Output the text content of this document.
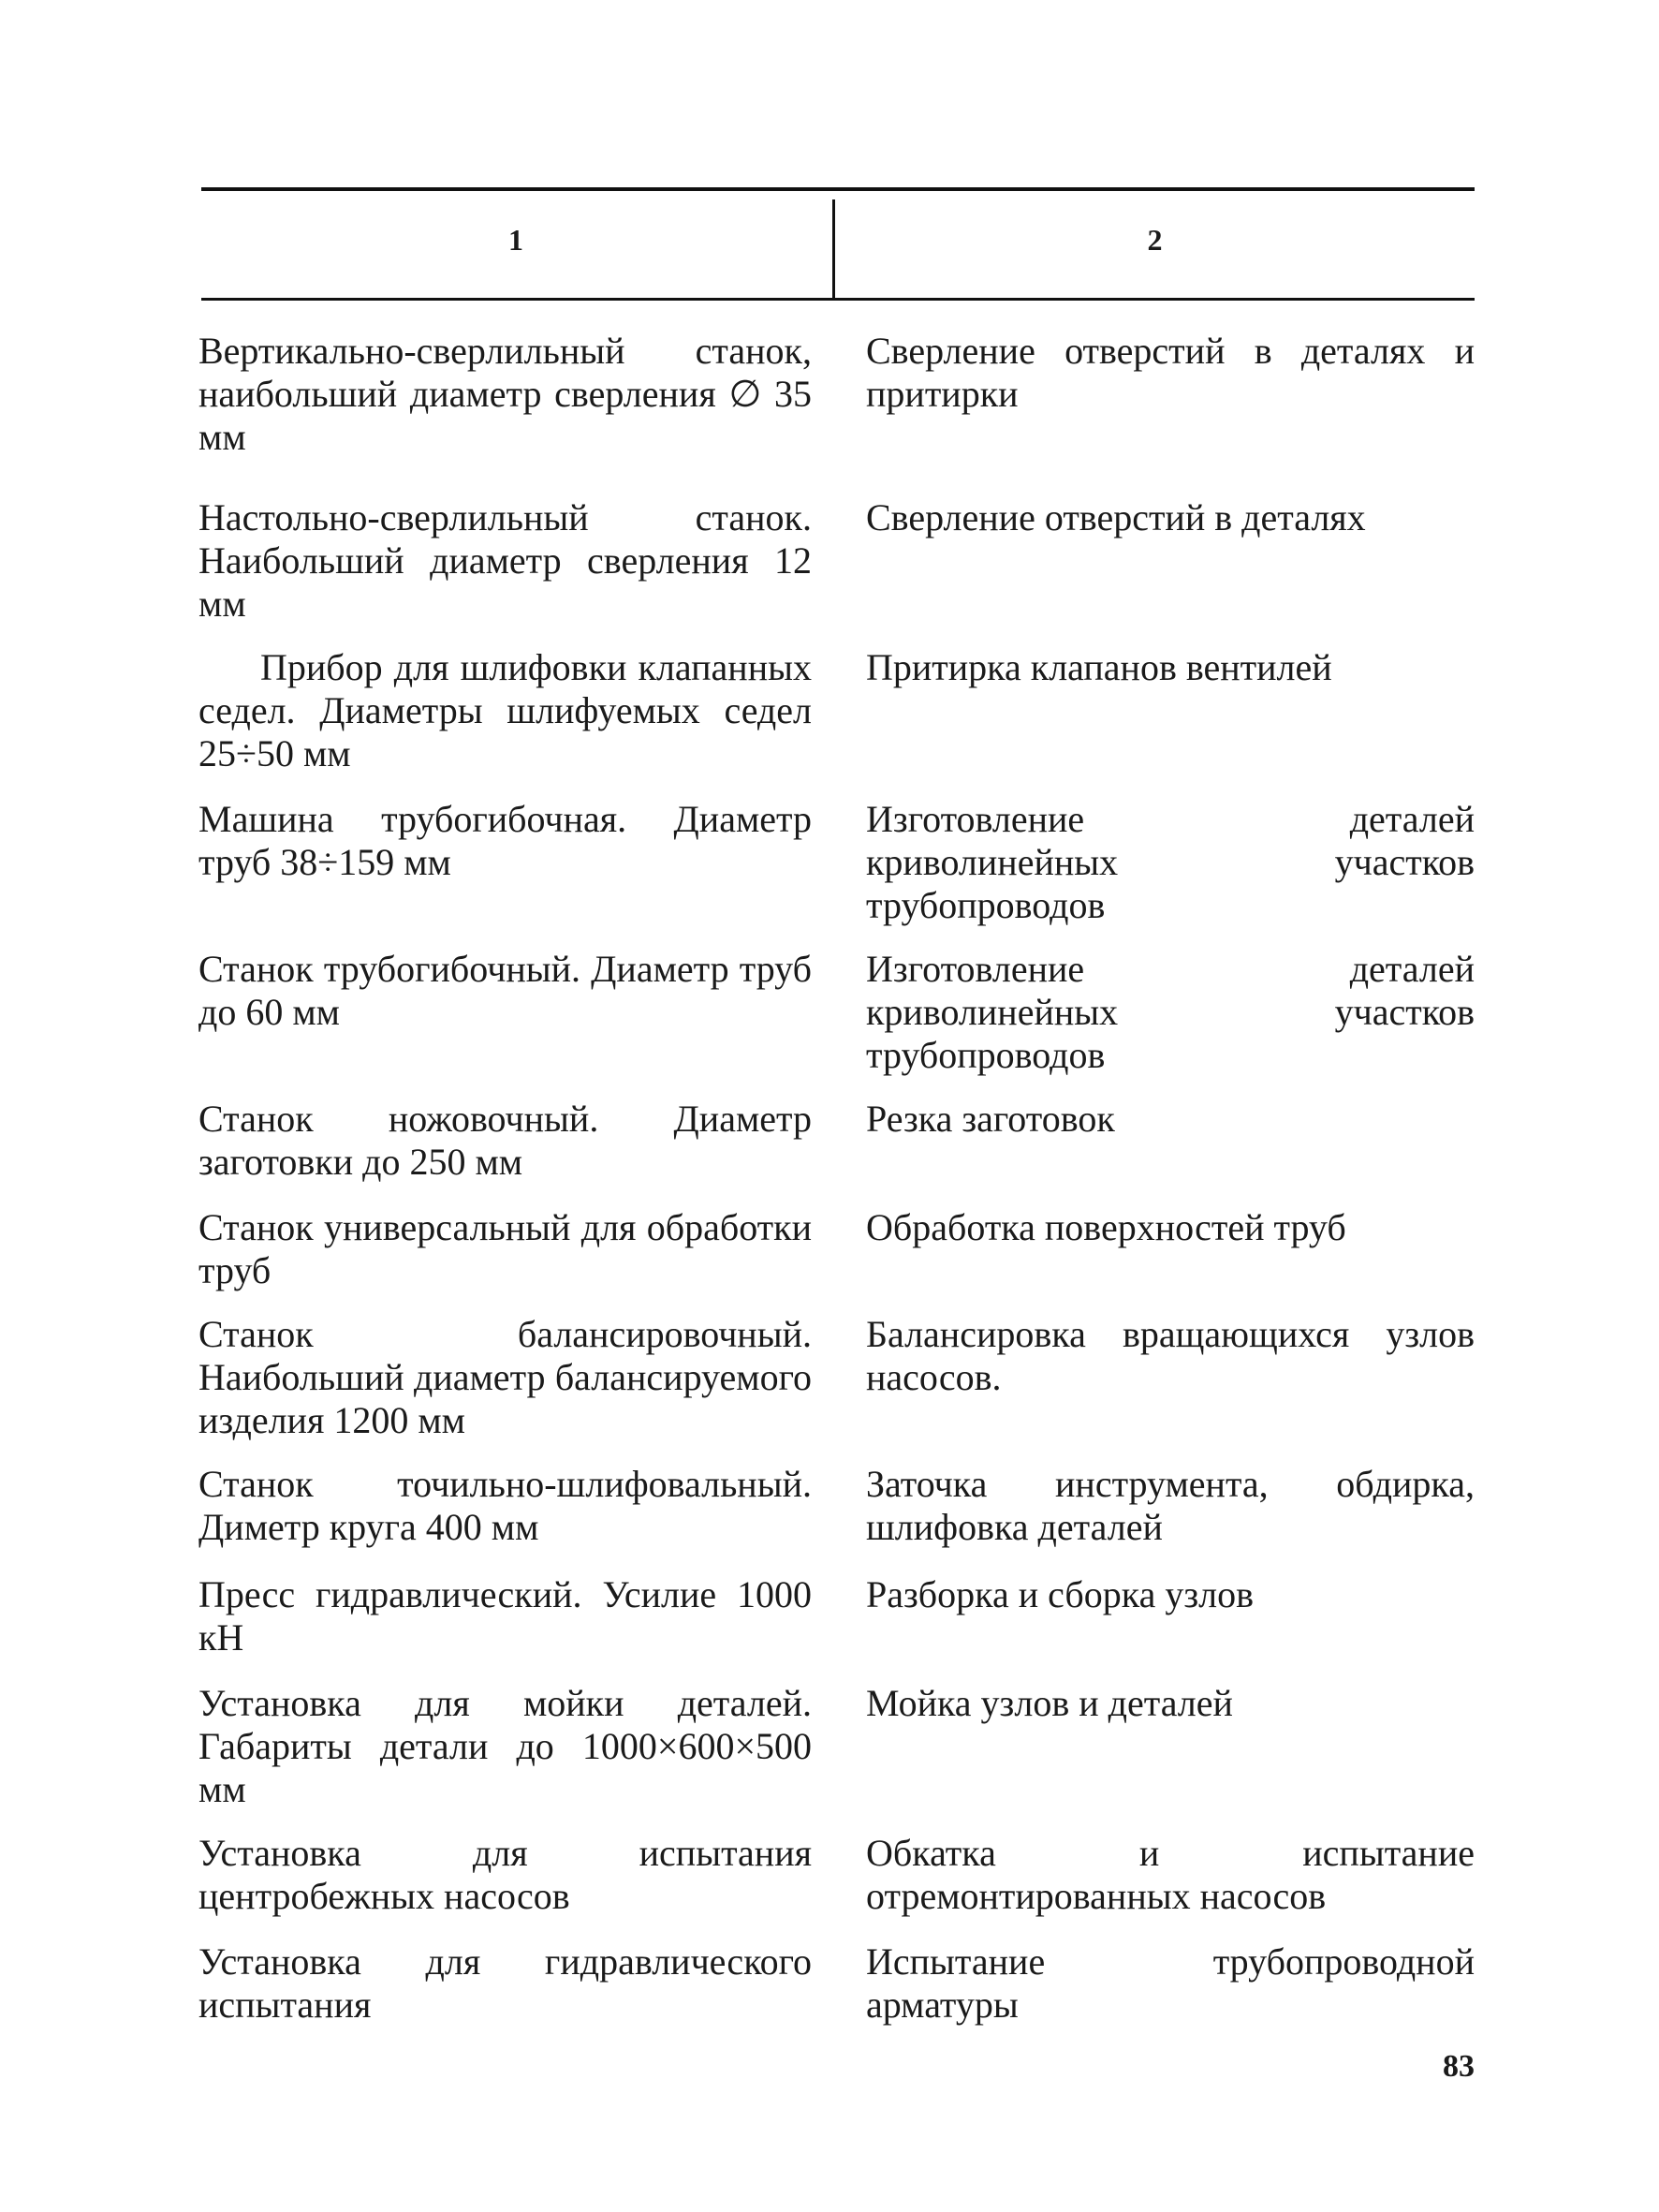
1	2
Вертикально-сверлильный станок, наибольший диаметр сверления ∅ 35 мм
Сверление отверстий в деталях и притирки
Настольно-сверлильный станок. Наибольший диаметр сверления 12 мм
Сверление отверстий в деталях
Прибор для шлифовки клапанных седел. Диаметры шлифуемых седел 25÷50 мм
Притирка клапанов вентилей
Машина трубогибочная. Диаметр труб 38÷159 мм
Изготовление деталей криволинейных участков трубопроводов
Станок трубогибочный. Диаметр труб до 60 мм
Изготовление деталей криволинейных участков трубопроводов
Станок ножовочный. Диаметр заготовки до 250 мм
Резка заготовок
Станок универсальный для обработки труб
Обработка поверхностей труб
Станок балансировочный. Наибольший диаметр балансируемого изделия 1200 мм
Балансировка вращающихся узлов насосов.
Станок точильно-шлифовальный. Диметр круга 400 мм
Заточка инструмента, обдирка, шлифовка деталей
Пресс гидравлический. Усилие 1000 кН
Разборка и сборка узлов
Установка для мойки деталей. Габариты детали до 1000×600×500 мм
Мойка узлов и деталей
Установка для испытания центробежных насосов
Обкатка и испытание отремонтированных насосов
Установка для гидравлического испытания
Испытание трубопроводной арматуры
83
